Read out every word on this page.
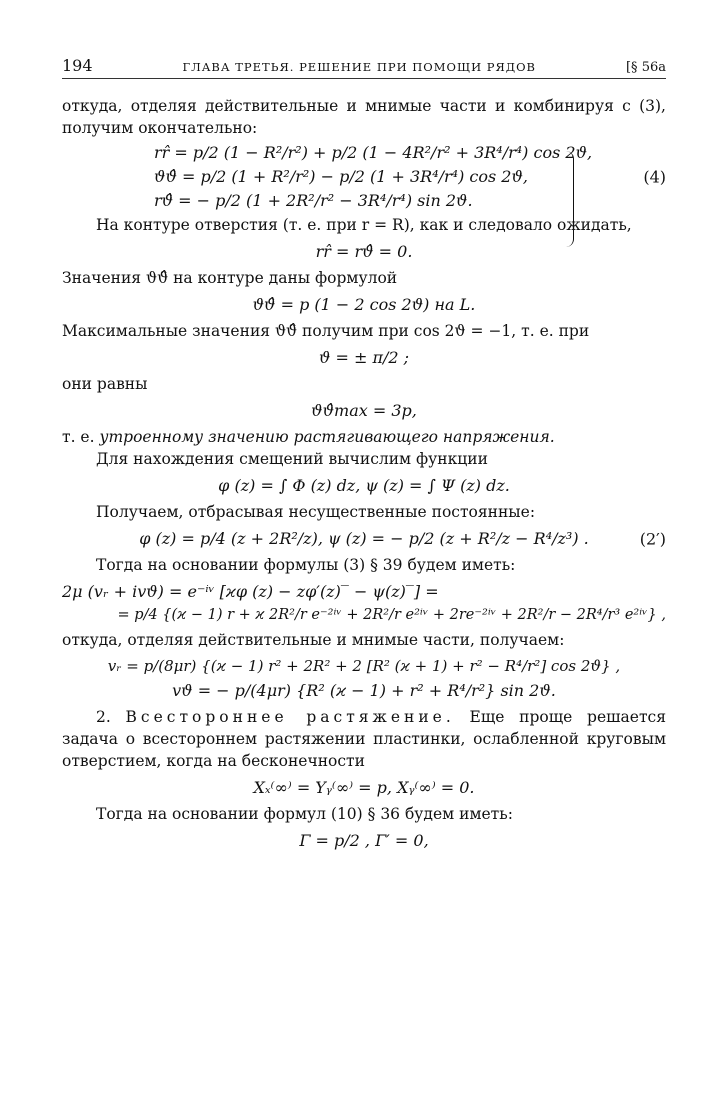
194	ГЛАВА ТРЕТЬЯ. РЕШЕНИЕ ПРИ ПОМОЩИ РЯДОВ	[§ 56а

откуда, отделяя действительные и мнимые части и комбинируя с (3), получим окончательно:

rr̂ = p/2 (1 − R²/r²) + p/2 (1 − 4R²/r² + 3R⁴/r⁴) cos 2ϑ,
ϑϑ̂ = p/2 (1 + R²/r²) − p/2 (1 + 3R⁴/r⁴) cos 2ϑ,
rϑ̂ = − p/2 (1 + 2R²/r² − 3R⁴/r⁴) sin 2ϑ.
(4)

На контуре отверстия (т. е. при r = R), как и следовало ожидать,

rr̂ = rϑ̂ = 0.

Значения ϑϑ̂ на контуре даны формулой

ϑϑ̂ = p (1 − 2 cos 2ϑ) на L.

Максимальные значения ϑϑ̂ получим при cos 2ϑ = −1, т. е. при

ϑ = ± π/2 ;

они равны

ϑϑ̂max = 3p,

т. е. утроенному значению растягивающего напряжения.

Для нахождения смещений вычислим функции

φ (z) = ∫ Φ (z) dz, ψ (z) = ∫ Ψ (z) dz.

Получаем, отбрасывая несущественные постоянные:

φ (z) = p/4 (z + 2R²/z), ψ (z) = − p/2 (z + R²/z − R⁴/z³) .	(2′)

Тогда на основании формулы (3) § 39 будем иметь:

2μ (vᵣ + ivϑ) = e⁻ⁱᵛ [ϰφ (z) − zφ′(z)‾ − ψ(z)‾] =
= p/4 {(ϰ − 1) r + ϰ 2R²/r e⁻²ⁱᵛ + 2R²/r e²ⁱᵛ + 2re⁻²ⁱᵛ + 2R²/r − 2R⁴/r³ e²ⁱᵛ} ,

откуда, отделяя действительные и мнимые части, получаем:

vᵣ = p/(8μr) {(ϰ − 1) r² + 2R² + 2 [R² (ϰ + 1) + r² − R⁴/r²] cos 2ϑ} ,
vϑ = − p/(4μr) {R² (ϰ − 1) + r² + R⁴/r²} sin 2ϑ.

2. Всестороннее растяжение. Еще проще решается задача о всестороннем растяжении пластинки, ослабленной круговым отверстием, когда на бесконечности

Xₓ⁽∞⁾ = Yᵧ⁽∞⁾ = p, Xᵧ⁽∞⁾ = 0.

Тогда на основании формул (10) § 36 будем иметь:

Γ = p/2 , Γ′ = 0,
